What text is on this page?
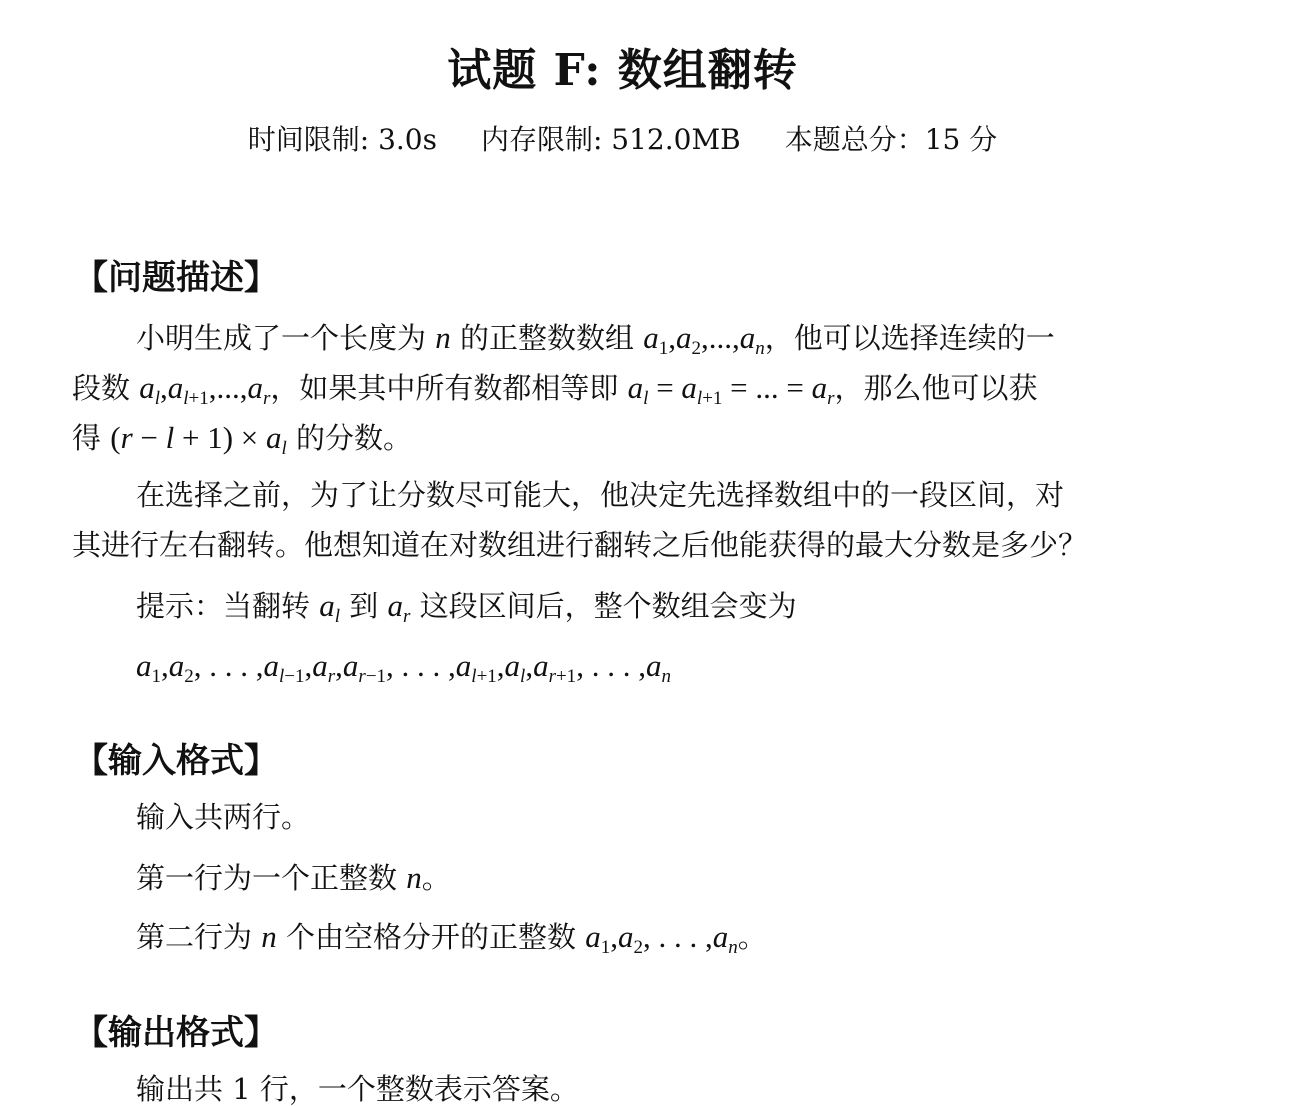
试题 F: 数组翻转
时间限制: 3.0s 内存限制: 512.0MB 本题总分：15 分
【问题描述】
小明生成了一个长度为 n 的正整数数组 $a_1,a_2,...,a_n$，他可以选择连续的一
段数 $a_l,a_{l+1},...,a_r$，如果其中所有数都相等即 $a_l = a_{l+1}$ = ... = $a_r$，那么他可以获
得 $(r - l + 1) \times a_l$ 的分数。
在选择之前，为了让分数尽可能大，他决定先选择数组中的一段区间，对
其进行左右翻转。他想知道在对数组进行翻转之后他能获得的最大分数是多少？
提示：当翻转 $a_l$ 到 $a_r$ 这段区间后，整个数组会变为
$a_1,a_2$, . . . $,a_{l-1},a_r,a_{r-1}$, . . . $,a_{l+1},a_l,a_{r+1}$, . . . $,a_n$
【输入格式】
输入共两行。
第一行为一个正整数 n。
第二行为 n 个由空格分开的正整数 $a_1,a_2$, . . . $,a_n$。
【输出格式】
输出共 1 行，一个整数表示答案。
